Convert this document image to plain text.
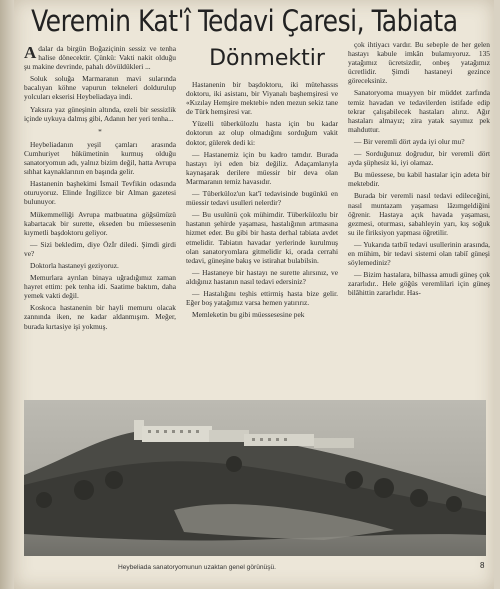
Veremin Kat'î Tedavi Çaresi, Tabiata
Dönmektir

Adalar da birgün Boğaziçinin sessiz ve tenha halise dönecektir. Çünkü: Vakti nakit olduğu şu makine devrinde, pahalı dövüldükleri ...

Soluk soluğa Marmaranın mavi sularında bacalıyan köhne vapurun tekneleri doldurulup yolcuları ekserisi Heybeliadaya indi.

Yaksıra yaz güneşinin altında, ezeli bir sessizlik içinde uykuya dalmış gibi, Adanın her yeri tenha...

*

Heybeliadanın yeşil çamları arasında Cumhuriyet hükümetinin kurmuş olduğu sanatoryomun adı, yalnız bizim değil, hatta Avrupa sıhhat kaynaklarının en başında gelir.

Hastanenin başhekimi İsmail Tevfikin odasında oturuyoruz. Elinde İngilizce bir Alman gazetesi bulunuyor.

Mükemmelliği Avrupa matbuatına göğsümüzü kabartacak bir surette, ekseden bu müessesenin kıymetli başdoktoru geliyor.

— Sizi bekledim, diye Özİr diledi. Şimdi girdi ve?

Doktorla hastaneyi geziyoruz.

Memurlara ayrılan binaya uğradığımız zaman hayret ettim: pek tenha idi. Saatime baktım, daha yemek vakti değil.

Koskoca hastanenin bir hayli memuru olacak zannında iken, ne kadar aldanmışım. Meğer, burada kırtasiye işi yokmuş.

Hastanenin bir başdoktoru, iki mütehassıs doktoru, iki asistanı, bir Viyanalı başhemşiresi ve «Kızılay Hemşire mektebi» nden mezun sekiz tane de Türk hemşiresi var.

Yüzelli tüberkülozlu hasta için bu kadar doktorun az olup olmadığını sorduğum vakit doktor, gülerek dedi ki:

— Hastanemiz için bu kadro tamdır. Burada hastayı iyi eden biz değiliz. Adaçamlarıyla kaynaşarak derilere müessir bir deva olan Marmaranın temiz havasıdır.

— Tüberküloz'un kat'î tedavisinde bugünkü en müessir tedavi usulleri nelerdir?

— Bu usulünü çok mühimdir. Tüberkülozlu bir hastanın şehirde yaşaması, hastalığının artmasına hizmet eder. Bu gibi bir hasta derhal tabiata avdet etmelidir. Tabiatın havadar yerlerinde kurulmuş olan sanatoryomlara gitmelidir ki, orada cerrahi tedavi, güneşine bakış ve istirahat bulabilsin.

— Hastaneye bir hastayı ne surette alırsınız, ve aldığınız hastanın nasıl tedavi edersiniz?

— Hastalığını teşhis ettirmiş hasta bize gelir. Eğer boş yatağımız varsa hemen yatırırız.

Memleketin bu gibi müessesesine pek

çok ihtiyacı vardır. Bu sebeple de her gelen hastayı kabule imkân bulamıyoruz. 135 yatağımız ücretsizdir, onbeş yatağımız ücretlidir. Şimdi hastaneyi gezince göreceksiniz.

Sanatoryoma muayyen bir müddet zarfında temiz havadan ve tedavilerden istifade edip tekrar çalışabilecek hastaları alırız. Ağır hastaları almayız; zira yatak sayımız pek mahduttur.

— Bir veremli dört ayda iyi olur mu?

— Sorduğunuz doğrudur, bir veremli dört ayda şüphesiz ki, iyi olamaz.

Bu müessese, bu kabil hastalar için adeta bir mektebdir.

Burada bir veremli nasıl tedavi edileceğini, nasıl muntazam yaşaması lâzımgeldiğini öğrenir. Hastaya açık havada yaşaması, gezmesi, oturması, sabahleyin yarı, kış soğuk su ile firiksiyon yapması öğretilir.

— Yukarıda tatbiî tedavi usullerinin arasında, en mühim, bir tedavi sistemi olan tabiî güneşi söylemediniz?

— Bizim hastalara, bilhassa amudi güneş çok zararlıdır.. Hele göğüs veremlilari için güneş bilâhittin zararlıdır. Has-

Heybeliada sanatoryomunun uzaktan genel görünüşü.	8
